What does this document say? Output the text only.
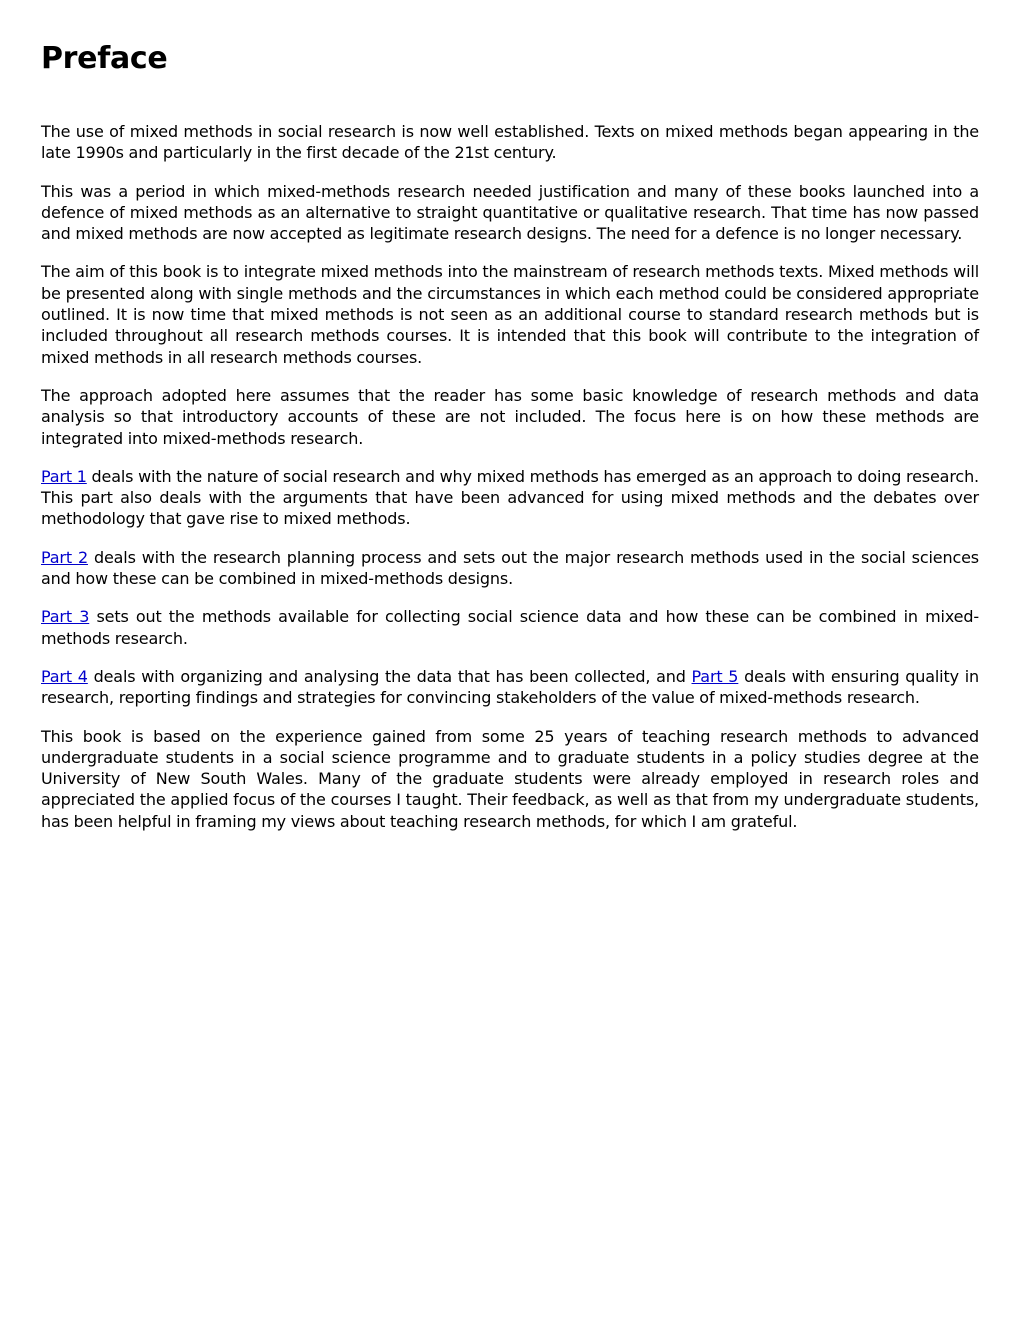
Preface

The use of mixed methods in social research is now well established. Texts on mixed methods began appearing in the late 1990s and particularly in the first decade of the 21st century.

This was a period in which mixed-methods research needed justification and many of these books launched into a defence of mixed methods as an alternative to straight quantitative or qualitative research. That time has now passed and mixed methods are now accepted as legitimate research designs. The need for a defence is no longer necessary.

The aim of this book is to integrate mixed methods into the mainstream of research methods texts. Mixed methods will be presented along with single methods and the circumstances in which each method could be considered appropriate outlined. It is now time that mixed methods is not seen as an additional course to standard research methods but is included throughout all research methods courses. It is intended that this book will contribute to the integration of mixed methods in all research methods courses.

The approach adopted here assumes that the reader has some basic knowledge of research methods and data analysis so that introductory accounts of these are not included. The focus here is on how these methods are integrated into mixed-methods research.

Part 1 deals with the nature of social research and why mixed methods has emerged as an approach to doing research. This part also deals with the arguments that have been advanced for using mixed methods and the debates over methodology that gave rise to mixed methods.

Part 2 deals with the research planning process and sets out the major research methods used in the social sciences and how these can be combined in mixed-methods designs.

Part 3 sets out the methods available for collecting social science data and how these can be combined in mixed-methods research.

Part 4 deals with organizing and analysing the data that has been collected, and Part 5 deals with ensuring quality in research, reporting findings and strategies for convincing stakeholders of the value of mixed-methods research.

This book is based on the experience gained from some 25 years of teaching research methods to advanced undergraduate students in a social science programme and to graduate students in a policy studies degree at the University of New South Wales. Many of the graduate students were already employed in research roles and appreciated the applied focus of the courses I taught. Their feedback, as well as that from my undergraduate students, has been helpful in framing my views about teaching research methods, for which I am grateful.
